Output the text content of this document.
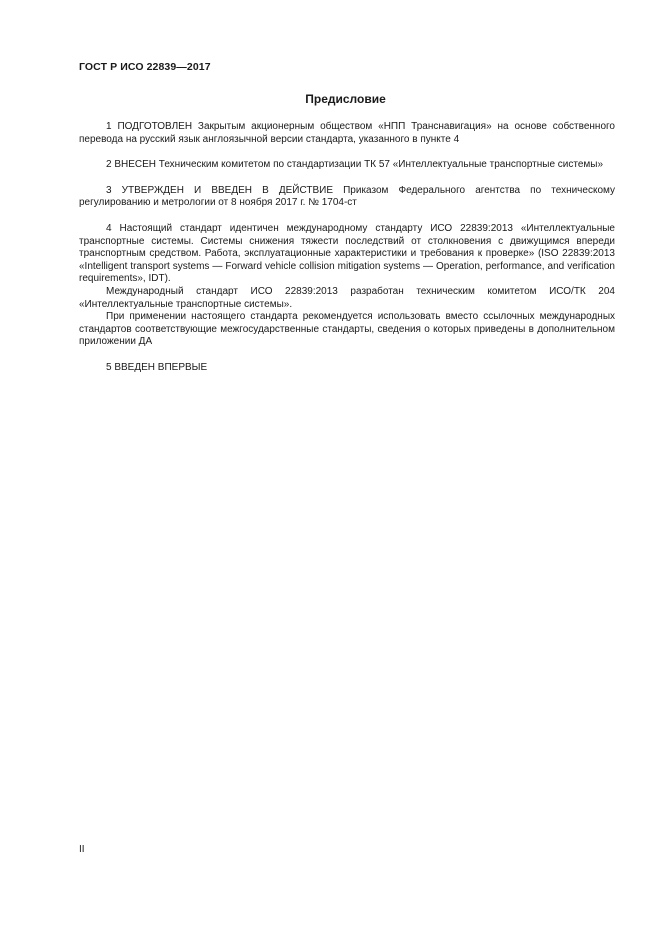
ГОСТ Р ИСО 22839—2017
Предисловие

1 ПОДГОТОВЛЕН Закрытым акционерным обществом «НПП Транснавигация» на основе собственного перевода на русский язык англоязычной версии стандарта, указанного в пункте 4

2 ВНЕСЕН Техническим комитетом по стандартизации ТК 57 «Интеллектуальные транспортные системы»

3 УТВЕРЖДЕН И ВВЕДЕН В ДЕЙСТВИЕ Приказом Федерального агентства по техническому регулированию и метрологии от 8 ноября 2017 г. № 1704-ст

4 Настоящий стандарт идентичен международному стандарту ИСО 22839:2013 «Интеллектуальные транспортные системы. Системы снижения тяжести последствий от столкновения с движущимся впереди транспортным средством. Работа, эксплуатационные характеристики и требования к проверке» (ISO 22839:2013 «Intelligent transport systems — Forward vehicle collision mitigation systems — Operation, performance, and verification requirements», IDT).

Международный стандарт ИСО 22839:2013 разработан техническим комитетом ИСО/ТК 204 «Интеллектуальные транспортные системы».

При применении настоящего стандарта рекомендуется использовать вместо ссылочных международных стандартов соответствующие межгосударственные стандарты, сведения о которых приведены в дополнительном приложении ДА

5 ВВЕДЕН ВПЕРВЫЕ

II
